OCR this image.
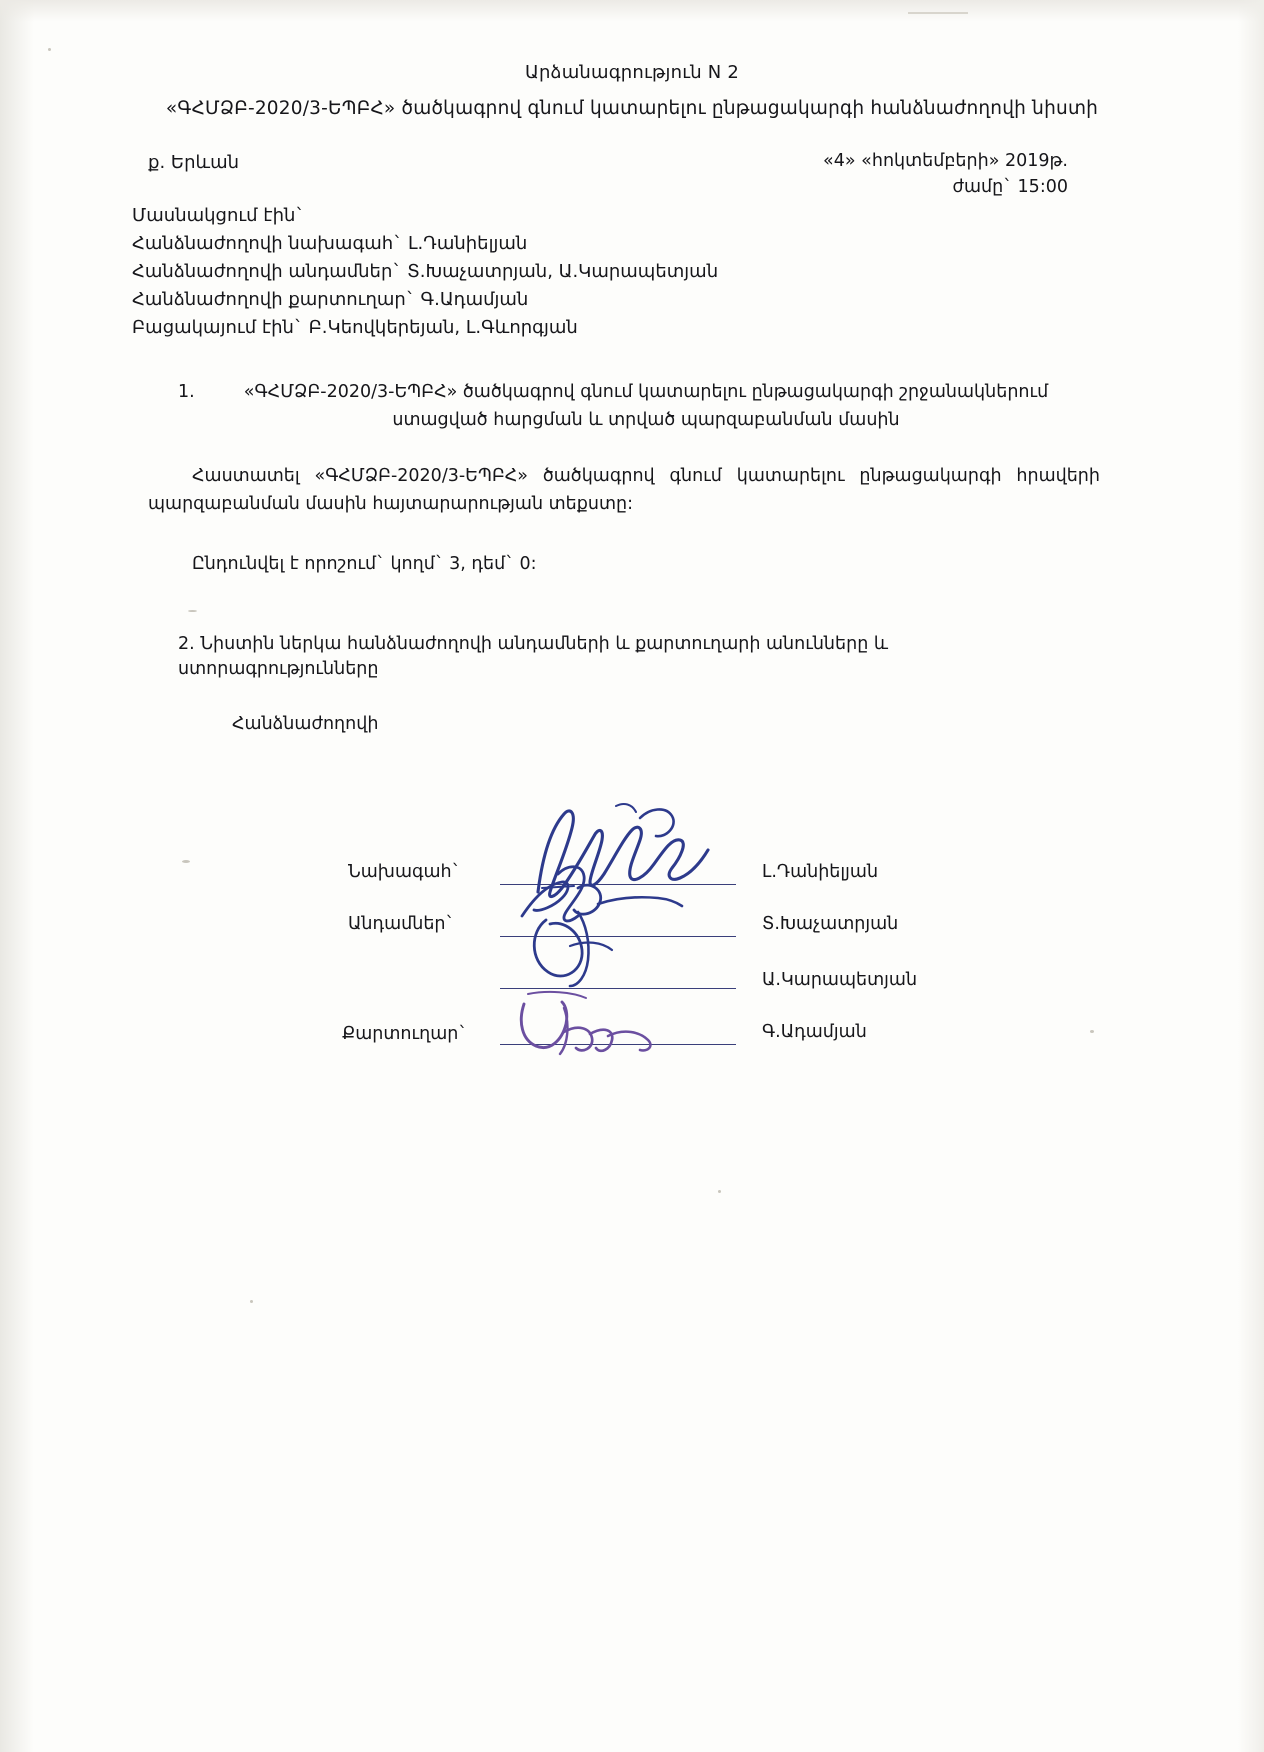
Արձանագրություն N 2
«ԳՀՄՁԲ-2020/3-ԵՊԲՀ» ծածկագրով գնում կատարելու ընթացակարգի հանձնաժողովի նիստի
ք. Երևան	«4» «հոկտեմբերի» 2019թ.
ժամը` 15:00
Մասնակցում էին`
Հանձնաժողովի նախագահ` Լ.Դանիելյան
Հանձնաժողովի անդամներ` Տ.Խաչատրյան, Ա.Կարապետյան
Հանձնաժողովի քարտուղար` Գ.Ադամյան
Բացակայում էին` Բ.Կեովկերեյան, Լ.Գևորգյան
1.	«ԳՀՄՁԲ-2020/3-ԵՊԲՀ» ծածկագրով գնում կատարելու ընթացակարգի շրջանակներում ստացված հարցման և տրված պարզաբանման մասին
Հաստատել «ԳՀՄՁԲ-2020/3-ԵՊԲՀ» ծածկագրով գնում կատարելու ընթացակարգի հրավերի պարզաբանման մասին հայտարարության տեքստը:
Ընդունվել է որոշում` կողմ` 3, դեմ` 0:
2. Նիստին ներկա հանձնաժողովի անդամների և քարտուղարի անունները և ստորագրությունները
Հանձնաժողովի
Նախագահ`	Լ.Դանիելյան
Անդամներ`	Տ.Խաչատրյան
Ա.Կարապետյան
Քարտուղար`	Գ.Ադամյան
